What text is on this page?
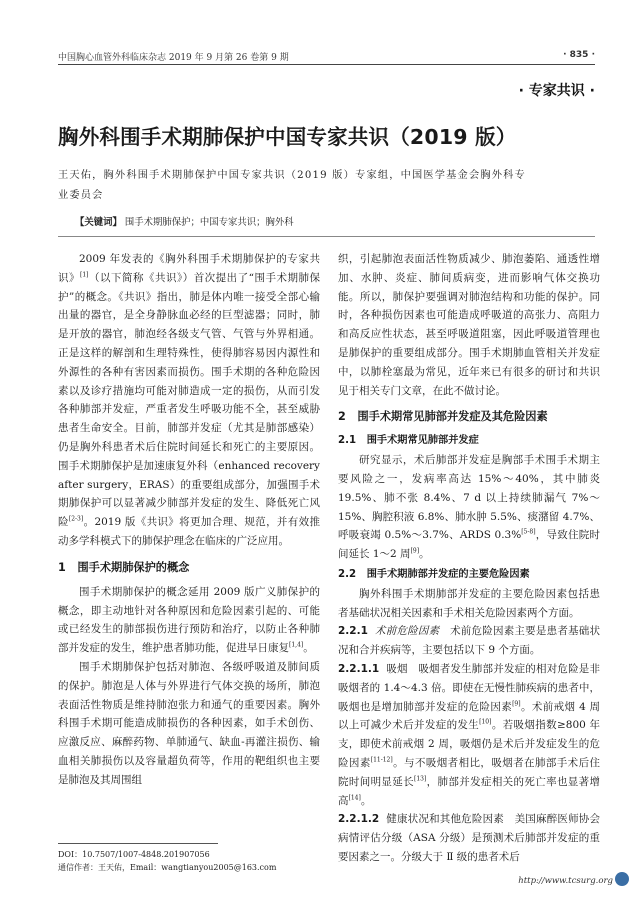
中国胸心血管外科临床杂志 2019 年 9 月第 26 卷第 9 期	· 835 ·
· 专家共识 ·
胸外科围手术期肺保护中国专家共识（2019 版）
王天佑，胸外科围手术期肺保护中国专家共识（2019 版）专家组，中国医学基金会胸外科专业委员会
【关键词】 围手术期肺保护；中国专家共识；胸外科

2009 年发表的《胸外科围手术期肺保护的专家共识》[1]（以下简称《共识》）首次提出了“围手术期肺保护”的概念。《共识》指出，肺是体内唯一接受全部心输出量的器官，是全身静脉血必经的巨型滤器；同时，肺是开放的器官，肺泡经各级支气管、气管与外界相通。正是这样的解剖和生理特殊性，使得肺容易因内源性和外源性的各种有害因素而损伤。围手术期的各种危险因素以及诊疗措施均可能对肺造成一定的损伤，从而引发各种肺部并发症，严重者发生呼吸功能不全，甚至威胁患者生命安全。目前，肺部并发症（尤其是肺部感染）仍是胸外科患者术后住院时间延长和死亡的主要原因。围手术期肺保护是加速康复外科（enhanced recovery after surgery，ERAS）的重要组成部分，加强围手术期肺保护可以显著减少肺部并发症的发生、降低死亡风险[2-3]。2019 版《共识》将更加合理、规范，并有效推动多学科模式下的肺保护理念在临床的广泛应用。

1 围手术期肺保护的概念

围手术期肺保护的概念延用 2009 版广义肺保护的概念，即主动地针对各种原因和危险因素引起的、可能或已经发生的肺部损伤进行预防和治疗，以防止各种肺部并发症的发生，维护患者肺功能，促进早日康复[1,4]。

围手术期肺保护包括对肺泡、各级呼吸道及肺间质的保护。肺泡是人体与外界进行气体交换的场所，肺泡表面活性物质是维持肺泡张力和通气的重要因素。胸外科围手术期可能造成肺损伤的各种因素，如手术创伤、应激反应、麻醉药物、单肺通气、缺血-再灌注损伤、输血相关肺损伤以及容量超负荷等，作用的靶组织也主要是肺泡及其周围组

织，引起肺泡表面活性物质减少、肺泡萎陷、通透性增加、水肿、炎症、肺间质病变，进而影响气体交换功能。所以，肺保护要强调对肺泡结构和功能的保护。同时，各种损伤因素也可能造成呼吸道的高张力、高阻力和高反应性状态，甚至呼吸道阻塞，因此呼吸道管理也是肺保护的重要组成部分。围手术期肺血管相关并发症中，以肺栓塞最为常见，近年来已有很多的研讨和共识见于相关专门文章，在此不做讨论。

2 围手术期常见肺部并发症及其危险因素
2.1 围手术期常见肺部并发症

研究显示，术后肺部并发症是胸部手术围手术期主要风险之一，发病率高达 15%～40%，其中肺炎 19.5%、肺不张 8.4%、7 d 以上持续肺漏气 7%～15%、胸腔积液 6.8%、肺水肿 5.5%、痰潴留 4.7%、呼吸衰竭 0.5%～3.7%、ARDS 0.3%[5-8]，导致住院时间延长 1～2 周[9]。

2.2 围手术期肺部并发症的主要危险因素

胸外科围手术期肺部并发症的主要危险因素包括患者基础状况相关因素和手术相关危险因素两个方面。

2.2.1 术前危险因素 术前危险因素主要是患者基础状况和合并疾病等，主要包括以下 9 个方面。

2.2.1.1 吸烟 吸烟者发生肺部并发症的相对危险是非吸烟者的 1.4～4.3 倍。即使在无慢性肺疾病的患者中，吸烟也是增加肺部并发症的危险因素[9]。术前戒烟 4 周以上可减少术后并发症的发生[10]。若吸烟指数≥800 年支，即使术前戒烟 2 周，吸烟仍是术后并发症发生的危险因素[11-12]。与不吸烟者相比，吸烟者在肺部手术后住院时间明显延长[13]，肺部并发症相关的死亡率也显著增高[14]。

2.2.1.2 健康状况和其他危险因素 美国麻醉医师协会病情评估分级（ASA 分级）是预测术后肺部并发症的重要因素之一。分级大于 Ⅱ 级的患者术后

DOI：10.7507/1007-4848.201907056
通信作者：王天佑，Email：wangtianyou2005@163.com
http://www.tcsurg.org
